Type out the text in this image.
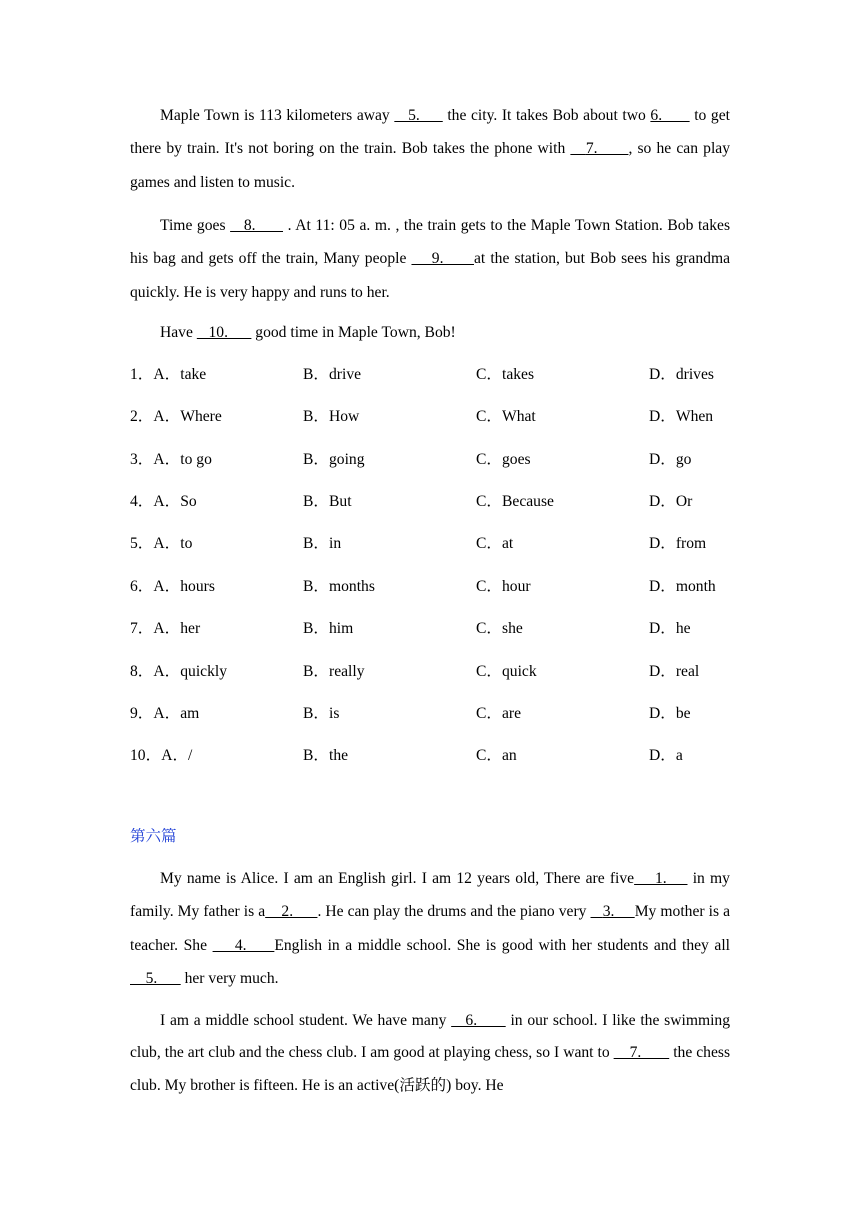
Maple Town is 113 kilometers away    5.      the city. It takes Bob about two 6.       to get there by train. It's not boring on the train. Bob takes the phone with    7.      , so he can play games and listen to music.

Time goes    8.       . At 11: 05 a. m. , the train gets to the Maple Town Station. Bob takes his bag and gets off the train, Many people     9.      at the station, but Bob sees his grandma quickly. He is very happy and runs to her.

Have    10.       good time in Maple Town, Bob!

1．A．take	B．drive	C．takes	D．drives
2．A．Where	B．How	C．What	D．When
3．A．to go	B．going	C．goes	D．go
4．A．So	B．But	C．Because	D．Or
5．A．to	B．in	C．at	D．from
6．A．hours	B．months	C．hour	D．month
7．A．her	B．him	C．she	D．he
8．A．quickly	B．really	C．quick	D．real
9．A．am	B．is	C．are	D．be
10．A．/	B．the	C．an	D．a
第六篇

My name is Alice. I am an English girl. I am 12 years old, There are five    1.     in my family. My father is a    2.      . He can play the drums and the piano very    3.     My mother is a teacher. She     4.     English in a middle school. She is good with her students and they all     5.       her very much.

I am a middle school student. We have many    6.       in our school. I like the swimming club, the art club and the chess club. I am good at playing chess, so I want to     7.        the chess club. My brother is fifteen. He is an active(活跃的) boy. He
